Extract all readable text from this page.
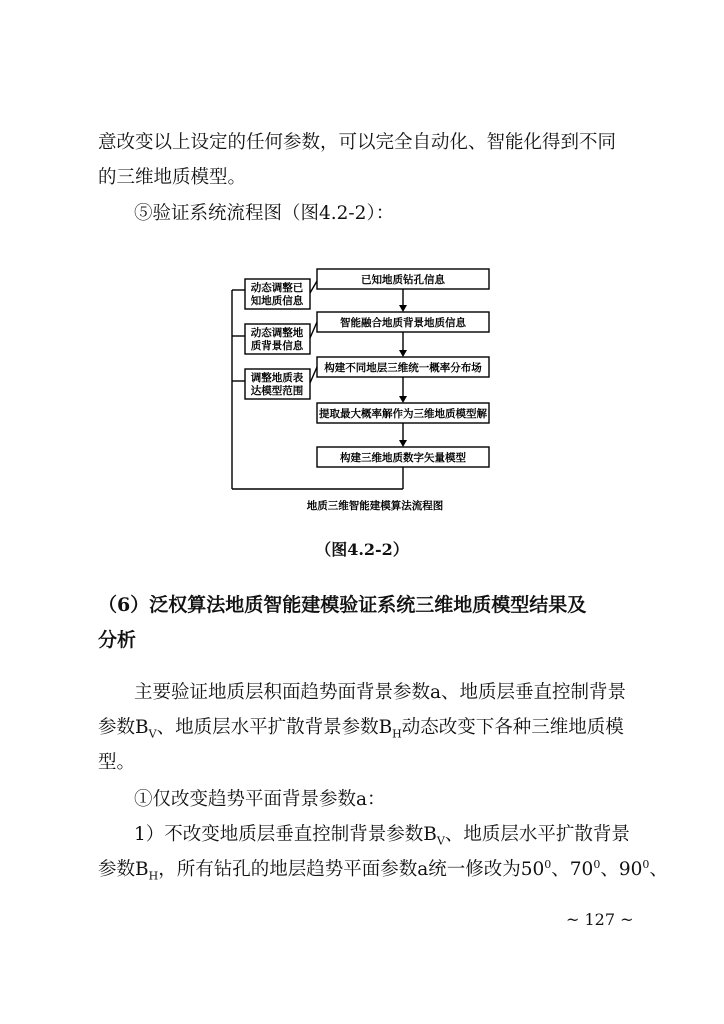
意改变以上设定的任何参数，可以完全自动化、智能化得到不同

的三维地质模型。

⑤验证系统流程图（图4.2-2）：

已知地质钻孔信息
智能融合地质背景地质信息
构建不同地层三维统一概率分布场
提取最大概率解作为三维地质模型解
构建三维地质数字矢量模型
动态调整已
知地质信息
动态调整地
质背景信息
调整地质表
达模型范围
地质三维智能建模算法流程图
（图4.2-2）

（6）泛权算法地质智能建模验证系统三维地质模型结果及

分析

主要验证地质层积面趋势面背景参数a、地质层垂直控制背景

参数$B_V$、地质层水平扩散背景参数$B_H$动态改变下各种三维地质模

型。

①仅改变趋势平面背景参数a：

1）不改变地质层垂直控制背景参数$B_V$、地质层水平扩散背景

参数$B_H$，所有钻孔的地层趋势平面参数a统一修改为$50^0$、$70^0$、$90^0$、

~ 127 ~
